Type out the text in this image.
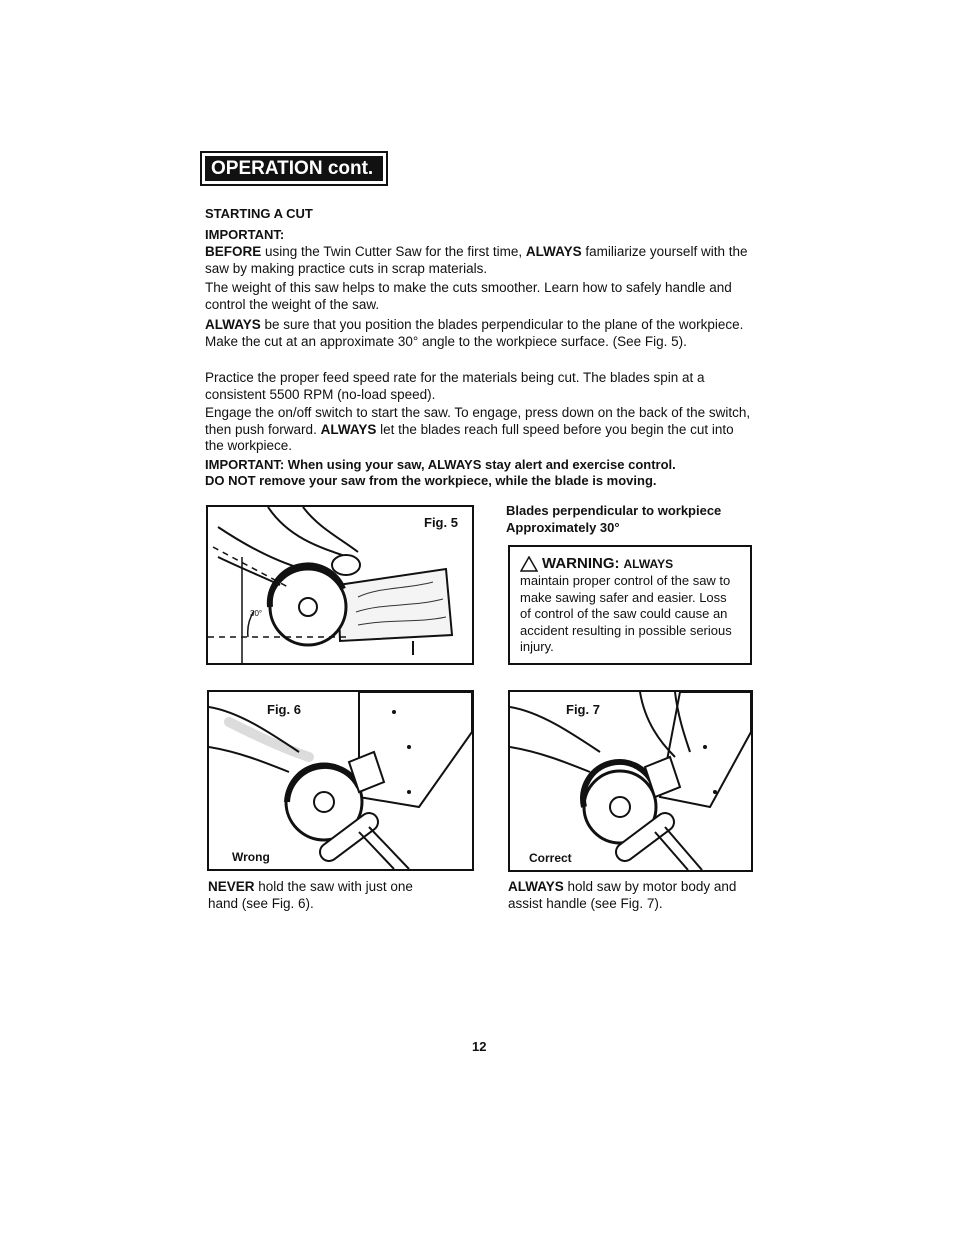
OPERATION cont.
STARTING A CUT
IMPORTANT:
BEFORE using the Twin Cutter Saw for the first time, ALWAYS familiarize yourself with the saw by making practice cuts in scrap materials.
The weight of this saw helps to make the cuts smoother. Learn how to safely handle and control the weight of the saw.
ALWAYS be sure that you position the blades perpendicular to the plane of the workpiece. Make the cut at an approximate 30° angle to the workpiece surface. (See Fig. 5).
Practice the proper feed speed rate for the materials being cut. The blades spin at a consistent 5500 RPM (no-load speed).
Engage the on/off switch to start the saw. To engage, press down on the back of the switch, then push forward. ALWAYS let the blades reach full speed before you begin the cut into the workpiece.
IMPORTANT: When using your saw, ALWAYS stay alert and exercise control.
DO NOT remove your saw from the workpiece, while the blade is moving.
Fig. 5
30°
Blades perpendicular to workpiece
Approximately 30°
WARNING: ALWAYS
maintain proper control of the saw to make sawing safer and easier. Loss of control of the saw could cause an accident resulting in possible serious injury.
Fig. 6
Wrong
Fig. 7
Correct
NEVER hold the saw with just one hand (see Fig. 6).
ALWAYS hold saw by motor body and assist handle (see Fig. 7).
12
